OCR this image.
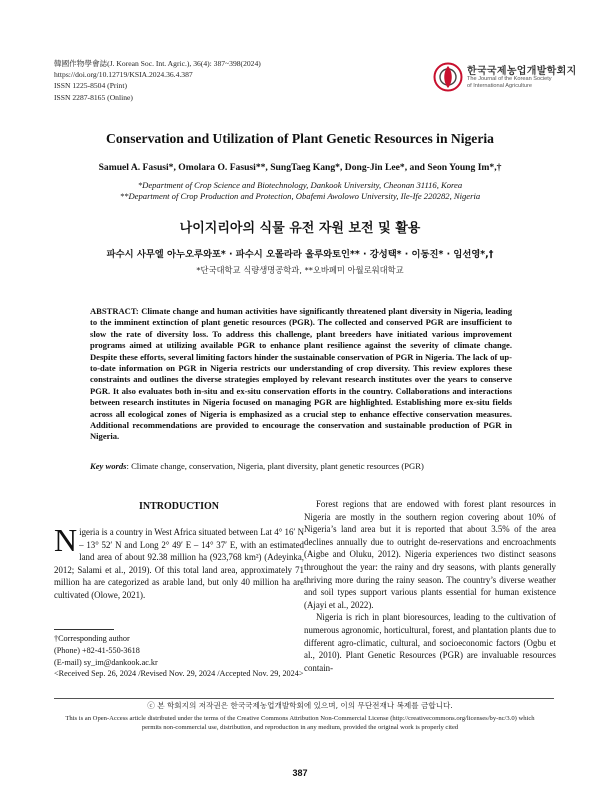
韓國作物學會誌(J. Korean Soc. Int. Agric.), 36(4): 387~398(2024)
https://doi.org/10.12719/KSIA.2024.36.4.387
ISSN 1225-8504 (Print)
ISSN 2287-8165 (Online)
한국국제농업개발학회지
The Journal of the Korean Society
of International Agriculture
Conservation and Utilization of Plant Genetic Resources in Nigeria
Samuel A. Fasusi*, Omolara O. Fasusi**, SungTaeg Kang*, Dong-Jin Lee*, and Seon Young Im*,†
*Department of Crop Science and Biotechnology, Dankook University, Cheonan 31116, Korea
**Department of Crop Production and Protection, Obafemi Awolowo University, Ile-Ife 220282, Nigeria
나이지리아의 식물 유전 자원 보전 및 활용
파수시 사무엘 아누오루와포* · 파수시 오몰라라 올루와토인** · 강성택* · 이동진* · 임선영*,†
*단국대학교 식량생명공학과, **오바페미 아월로워대학교
ABSTRACT: Climate change and human activities have significantly threatened plant diversity in Nigeria, leading to the imminent extinction of plant genetic resources (PGR). The collected and conserved PGR are insufficient to slow the rate of diversity loss. To address this challenge, plant breeders have initiated various improvement programs aimed at utilizing available PGR to enhance plant resilience against the severity of climate change. Despite these efforts, several limiting factors hinder the sustainable conservation of PGR in Nigeria. The lack of up-to-date information on PGR in Nigeria restricts our understanding of crop diversity. This review explores these constraints and outlines the diverse strategies employed by relevant research institutes over the years to conserve PGR. It also evaluates both in-situ and ex-situ conservation efforts in the country. Collaborations and interactions between research institutes in Nigeria focused on managing PGR are highlighted. Establishing more ex-situ fields across all ecological zones of Nigeria is emphasized as a crucial step to enhance effective conservation measures. Additional recommendations are provided to encourage the conservation and sustainable production of PGR in Nigeria.
Key words: Climate change, conservation, Nigeria, plant diversity, plant genetic resources (PGR)
INTRODUCTION

Nigeria is a country in West Africa situated between Lat 4° 16′ N – 13° 52′ N and Long 2° 49′ E – 14° 37′ E, with an estimated land area of about 92.38 million ha (923,768 km²) (Adeyinka, 2012; Salami et al., 2019). Of this total land area, approximately 71 million ha are categorized as arable land, but only 40 million ha are cultivated (Olowe, 2021).

Forest regions that are endowed with forest plant resources in Nigeria are mostly in the southern region covering about 10% of Nigeria’s land area but it is reported that about 3.5% of the area declines annually due to outright de-reservations and encroachments (Aigbe and Oluku, 2012). Nigeria experiences two distinct seasons throughout the year: the rainy and dry seasons, with plants generally thriving more during the rainy season. The country’s diverse weather and soil types support various plants essential for human existence (Ajayi et al., 2022).

Nigeria is rich in plant bioresources, leading to the cultivation of numerous agronomic, horticultural, forest, and plantation plants due to different agro-climatic, cultural, and socioeconomic factors (Ogbu et al., 2010). Plant Genetic Resources (PGR) are invaluable resources contain-

†Corresponding author
(Phone) +82-41-550-3618
(E-mail) sy_im@dankook.ac.kr
<Received Sep. 26, 2024 /Revised Nov. 29, 2024 /Accepted Nov. 29, 2024>
ⓒ 본 학회지의 저작권은 한국국제농업개발학회에 있으며, 이의 무단전재나 복제를 금합니다.
This is an Open-Access article distributed under the terms of the Creative Commons Attribution Non-Commercial License (http://creativecommons.org/licenses/by-nc/3.0) which
permits non-commercial use, distribution, and reproduction in any medium, provided the original work is properly cited
387
